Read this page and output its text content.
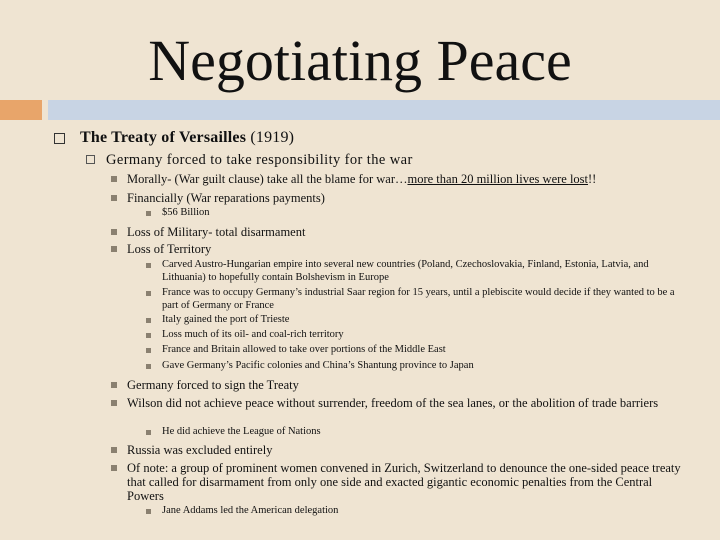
Negotiating Peace
The Treaty of Versailles (1919)
Germany forced to take responsibility for the war
Morally- (War guilt clause) take all the blame for war…more than 20 million lives were lost!!
Financially (War reparations payments)
$56 Billion
Loss of Military- total disarmament
Loss of Territory
Carved Austro-Hungarian empire into several new countries (Poland, Czechoslovakia, Finland, Estonia, Latvia, and Lithuania) to hopefully contain Bolshevism in Europe
France was to occupy Germany’s industrial Saar region for 15 years, until a plebiscite would decide if they wanted to be a part of Germany or France
Italy gained the port of Trieste
Loss much of its oil- and coal-rich territory
France and Britain allowed to take over portions of the Middle East
Gave Germany’s Pacific colonies and China’s Shantung province to Japan
Germany forced to sign the Treaty
Wilson did not achieve peace without surrender, freedom of the sea lanes, or the abolition of trade barriers
He did achieve the League of Nations
Russia was excluded entirely
Of note: a group of prominent women convened in Zurich, Switzerland to denounce the one-sided peace treaty that called for disarmament from only one side and exacted gigantic economic penalties from the Central Powers
Jane Addams led the American delegation
